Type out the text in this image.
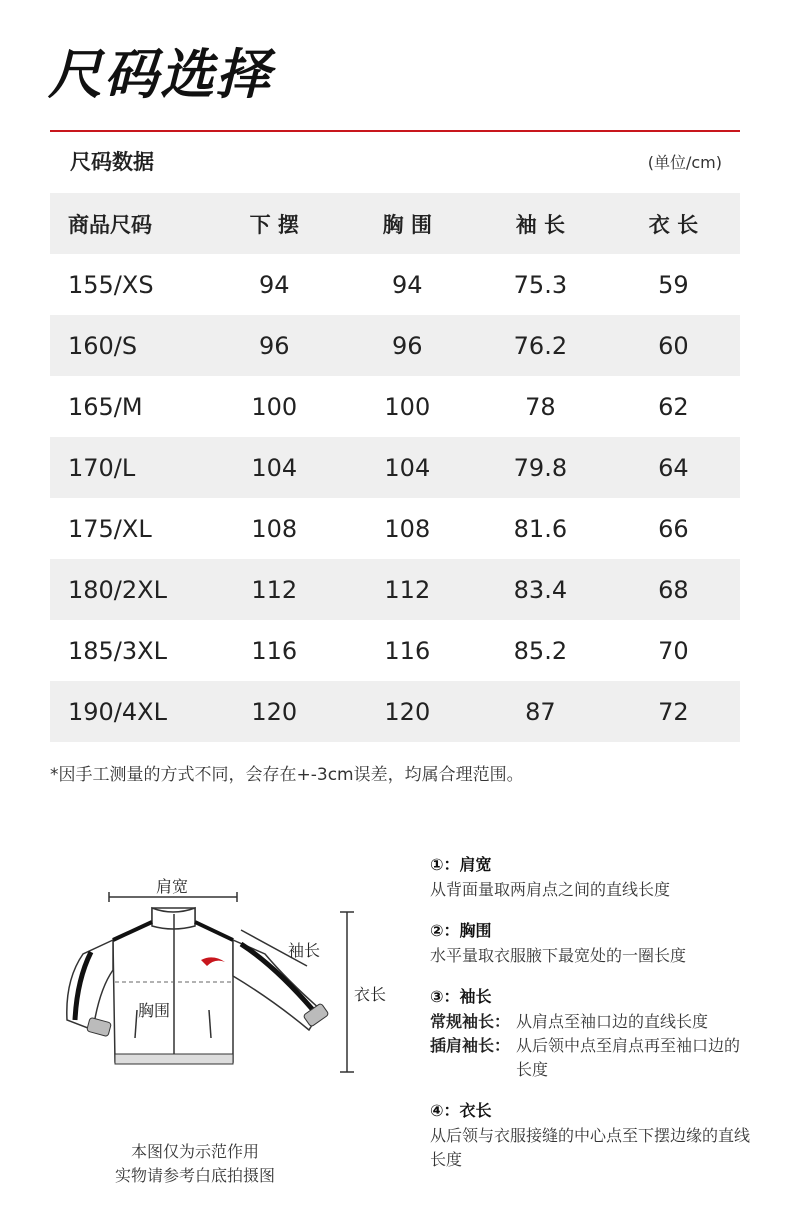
尺码选择
尺码数据	(单位/cm)
商品尺码	下 摆	胸 围	袖 长	衣 长
155/XS	94	94	75.3	59
160/S	96	96	76.2	60
165/M	100	100	78	62
170/L	104	104	79.8	64
175/XL	108	108	81.6	66
180/2XL	112	112	83.4	68
185/3XL	116	116	85.2	70
190/4XL	120	120	87	72
*因手工测量的方式不同，会存在+-3cm误差，均属合理范围。
肩宽
袖长
衣长
胸围
本图仅为示范作用
实物请参考白底拍摄图
①：肩宽
从背面量取两肩点之间的直线长度
②：胸围
水平量取衣服腋下最宽处的一圈长度
③：袖长
常规袖长： 从肩点至袖口边的直线长度
插肩袖长： 从后领中点至肩点再至袖口边的长度
④：衣长
从后领与衣服接缝的中心点至下摆边缘的直线长度
